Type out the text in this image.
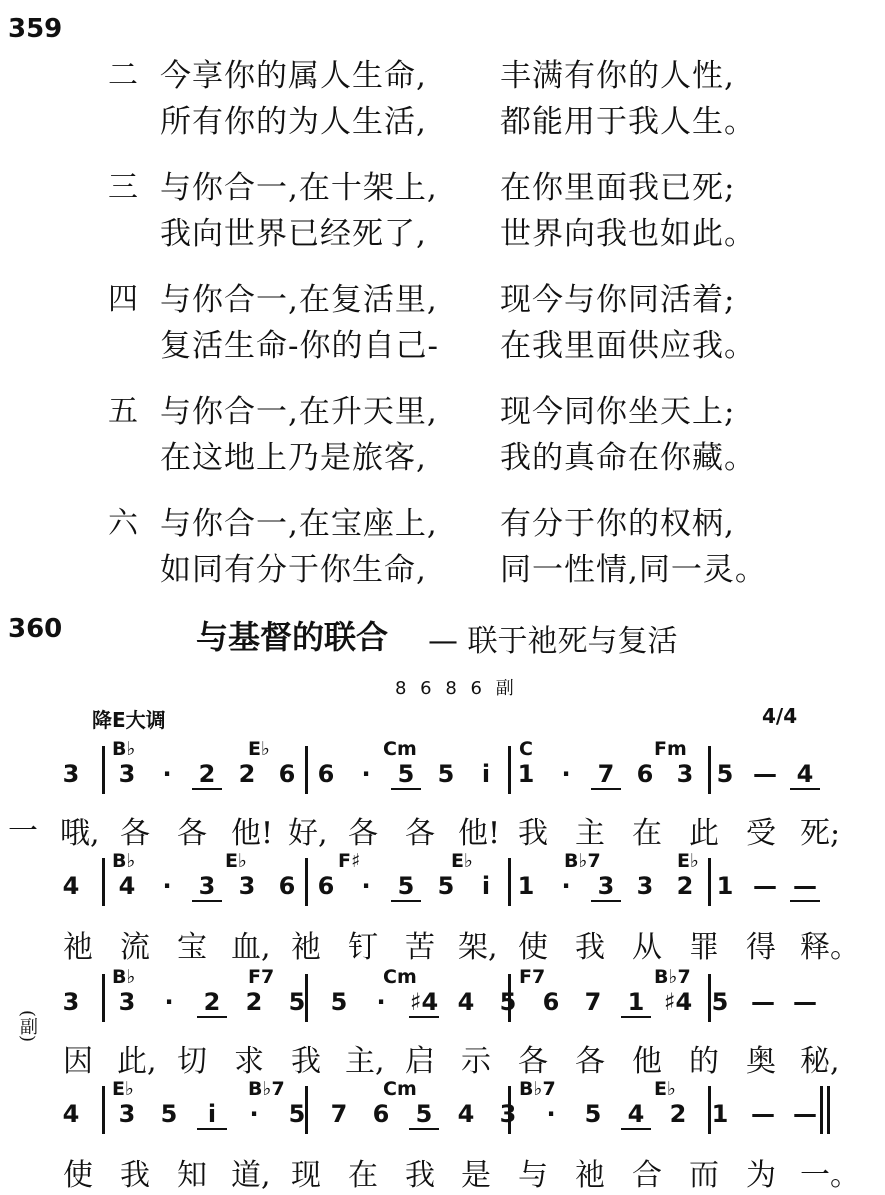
359
二 今享你的属人生命, 丰满有你的人性,
所有你的为人生活, 都能用于我人生。
三 与你合一,在十架上, 在你里面我已死;
我向世界已经死了, 世界向我也如此。
四 与你合一,在复活里, 现今与你同活着;
复活生命-你的自己- 在我里面供应我。
五 与你合一,在升天里, 现今同你坐天上;
在这地上乃是旅客, 我的真命在你藏。
六 与你合一,在宝座上, 有分于你的权柄,
如同有分于你生命, 同一性情,同一灵。
360	与基督的联合 — 联于祂死与复活
8 6 8 6 副
降E大调	4/4
3 3	·	2 2 6 6	·	5 5	i	1	·	7 6 3 5 — 4
B♭	E♭	Cm	C	Fm
哦, 各 各 他! 好, 各 各 他! 我 主 在 此 受 死;
4 4	·	3 3 6 6	·	5 5	i	1	·	3 3 2 1 — —
B♭	E♭	F♯	E♭	B♭7	E♭
祂 流 宝 血, 祂 钉 苦 架, 使 我 从 罪 得 释。
3 3	·	2 2 5 5	·	♯4 4 5 6 7 1 ♯4 5 — —
B♭	F7	Cm	F7	B♭7
因 此, 切 求 我 主, 启 示 各 各 他 的 奥 秘,
4 3 5	i	·	5 7 6 5 4 3	·	5 4 2 1 — —
E♭	B♭7	Cm	B♭7	E♭
使 我 知 道, 现 在 我 是 与 祂 合 而 为 一。
一
(副)
